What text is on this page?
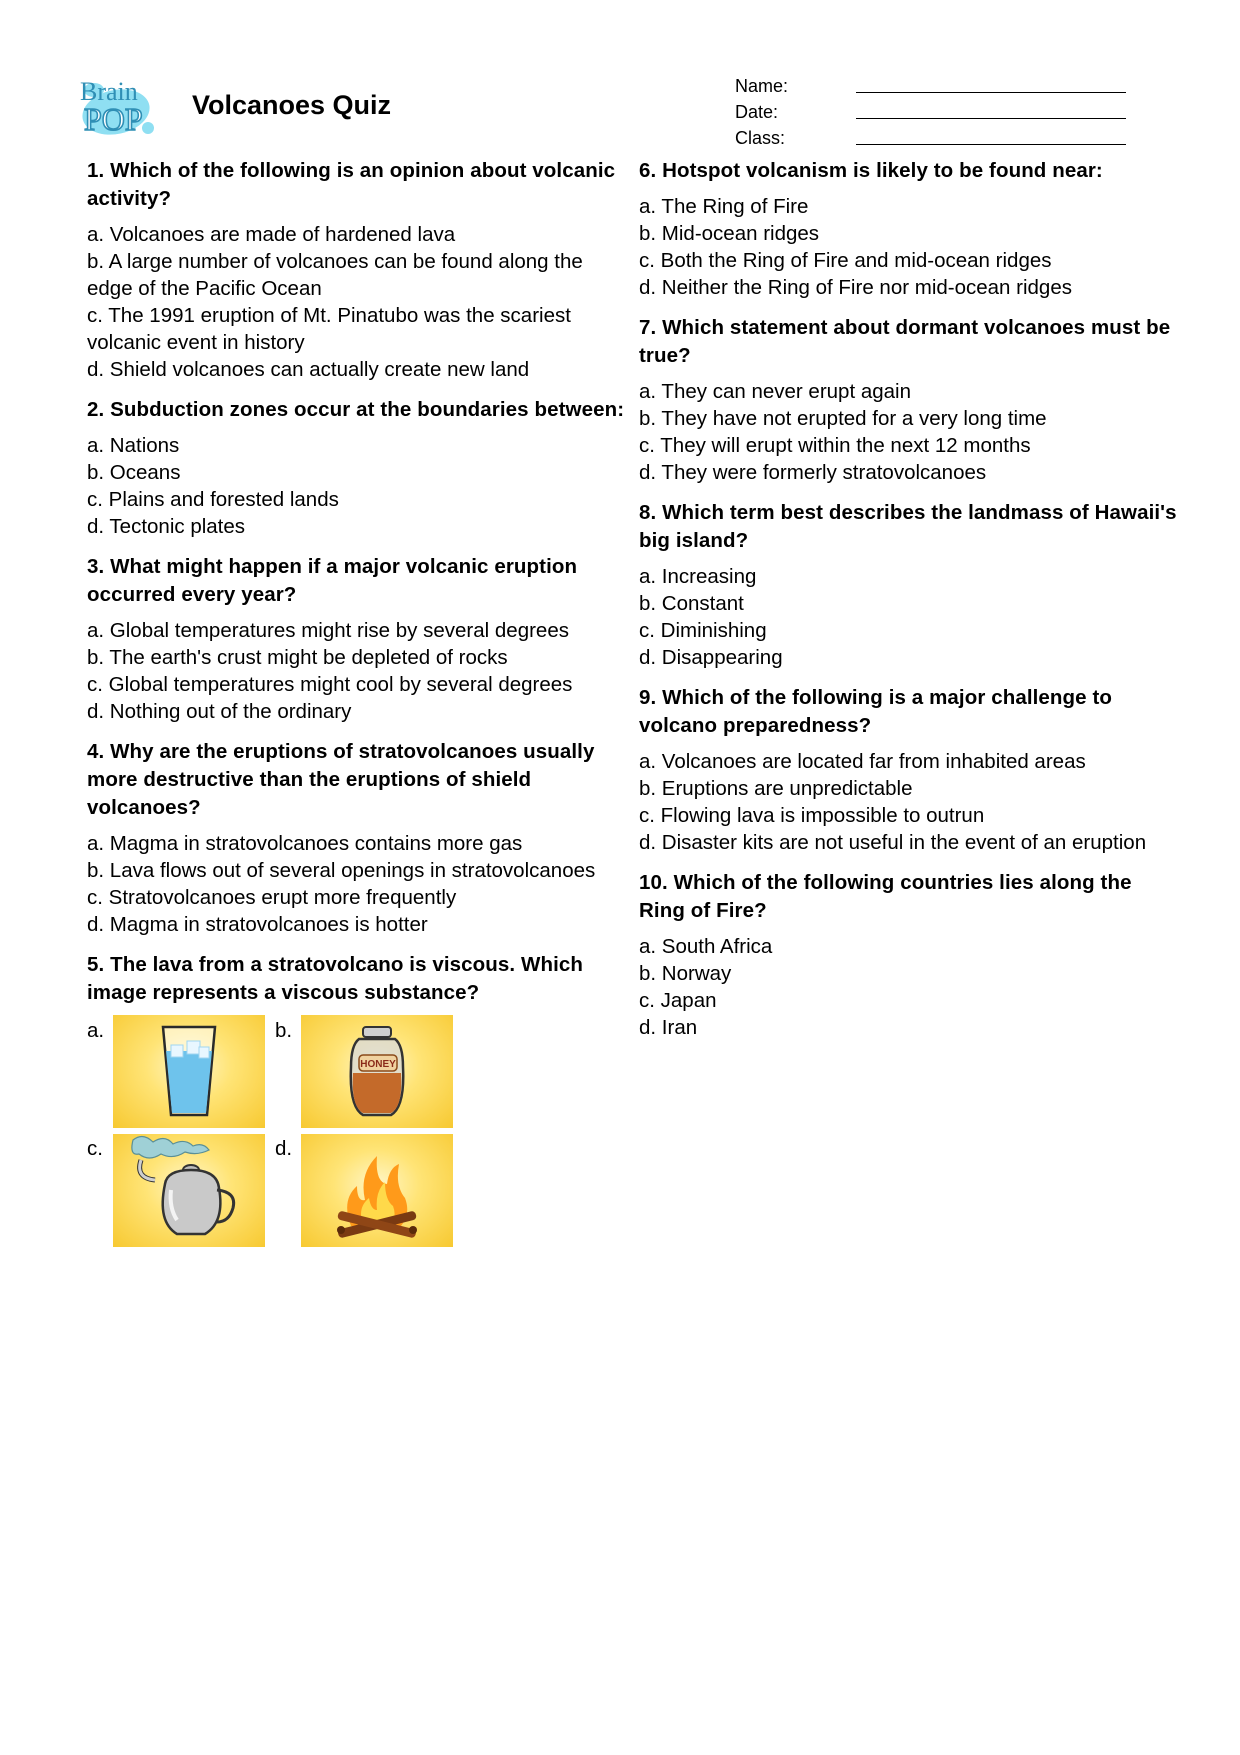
Brain
POP Volcanoes Quiz
Name:
Date:
Class:
1. Which of the following is an opinion about volcanic activity?
a. Volcanoes are made of hardened lava
b. A large number of volcanoes can be found along the edge of the Pacific Ocean
c. The 1991 eruption of Mt. Pinatubo was the scariest volcanic event in history
d. Shield volcanoes can actually create new land
2. Subduction zones occur at the boundaries between:
a. Nations
b. Oceans
c. Plains and forested lands
d. Tectonic plates
3. What might happen if a major volcanic eruption occurred every year?
a. Global temperatures might rise by several degrees
b. The earth's crust might be depleted of rocks
c. Global temperatures might cool by several degrees
d. Nothing out of the ordinary
4. Why are the eruptions of stratovolcanoes usually more destructive than the eruptions of shield volcanoes?
a. Magma in stratovolcanoes contains more gas
b. Lava flows out of several openings in stratovolcanoes
c. Stratovolcanoes erupt more frequently
d. Magma in stratovolcanoes is hotter
5. The lava from a stratovolcano is viscous. Which image represents a viscous substance?
a.	b.
HONEY
c.	d.
6. Hotspot volcanism is likely to be found near:
a. The Ring of Fire
b. Mid-ocean ridges
c. Both the Ring of Fire and mid-ocean ridges
d. Neither the Ring of Fire nor mid-ocean ridges
7. Which statement about dormant volcanoes must be true?
a. They can never erupt again
b. They have not erupted for a very long time
c. They will erupt within the next 12 months
d. They were formerly stratovolcanoes
8. Which term best describes the landmass of Hawaii's big island?
a. Increasing
b. Constant
c. Diminishing
d. Disappearing
9. Which of the following is a major challenge to volcano preparedness?
a. Volcanoes are located far from inhabited areas
b. Eruptions are unpredictable
c. Flowing lava is impossible to outrun
d. Disaster kits are not useful in the event of an eruption
10. Which of the following countries lies along the Ring of Fire?
a. South Africa
b. Norway
c. Japan
d. Iran
